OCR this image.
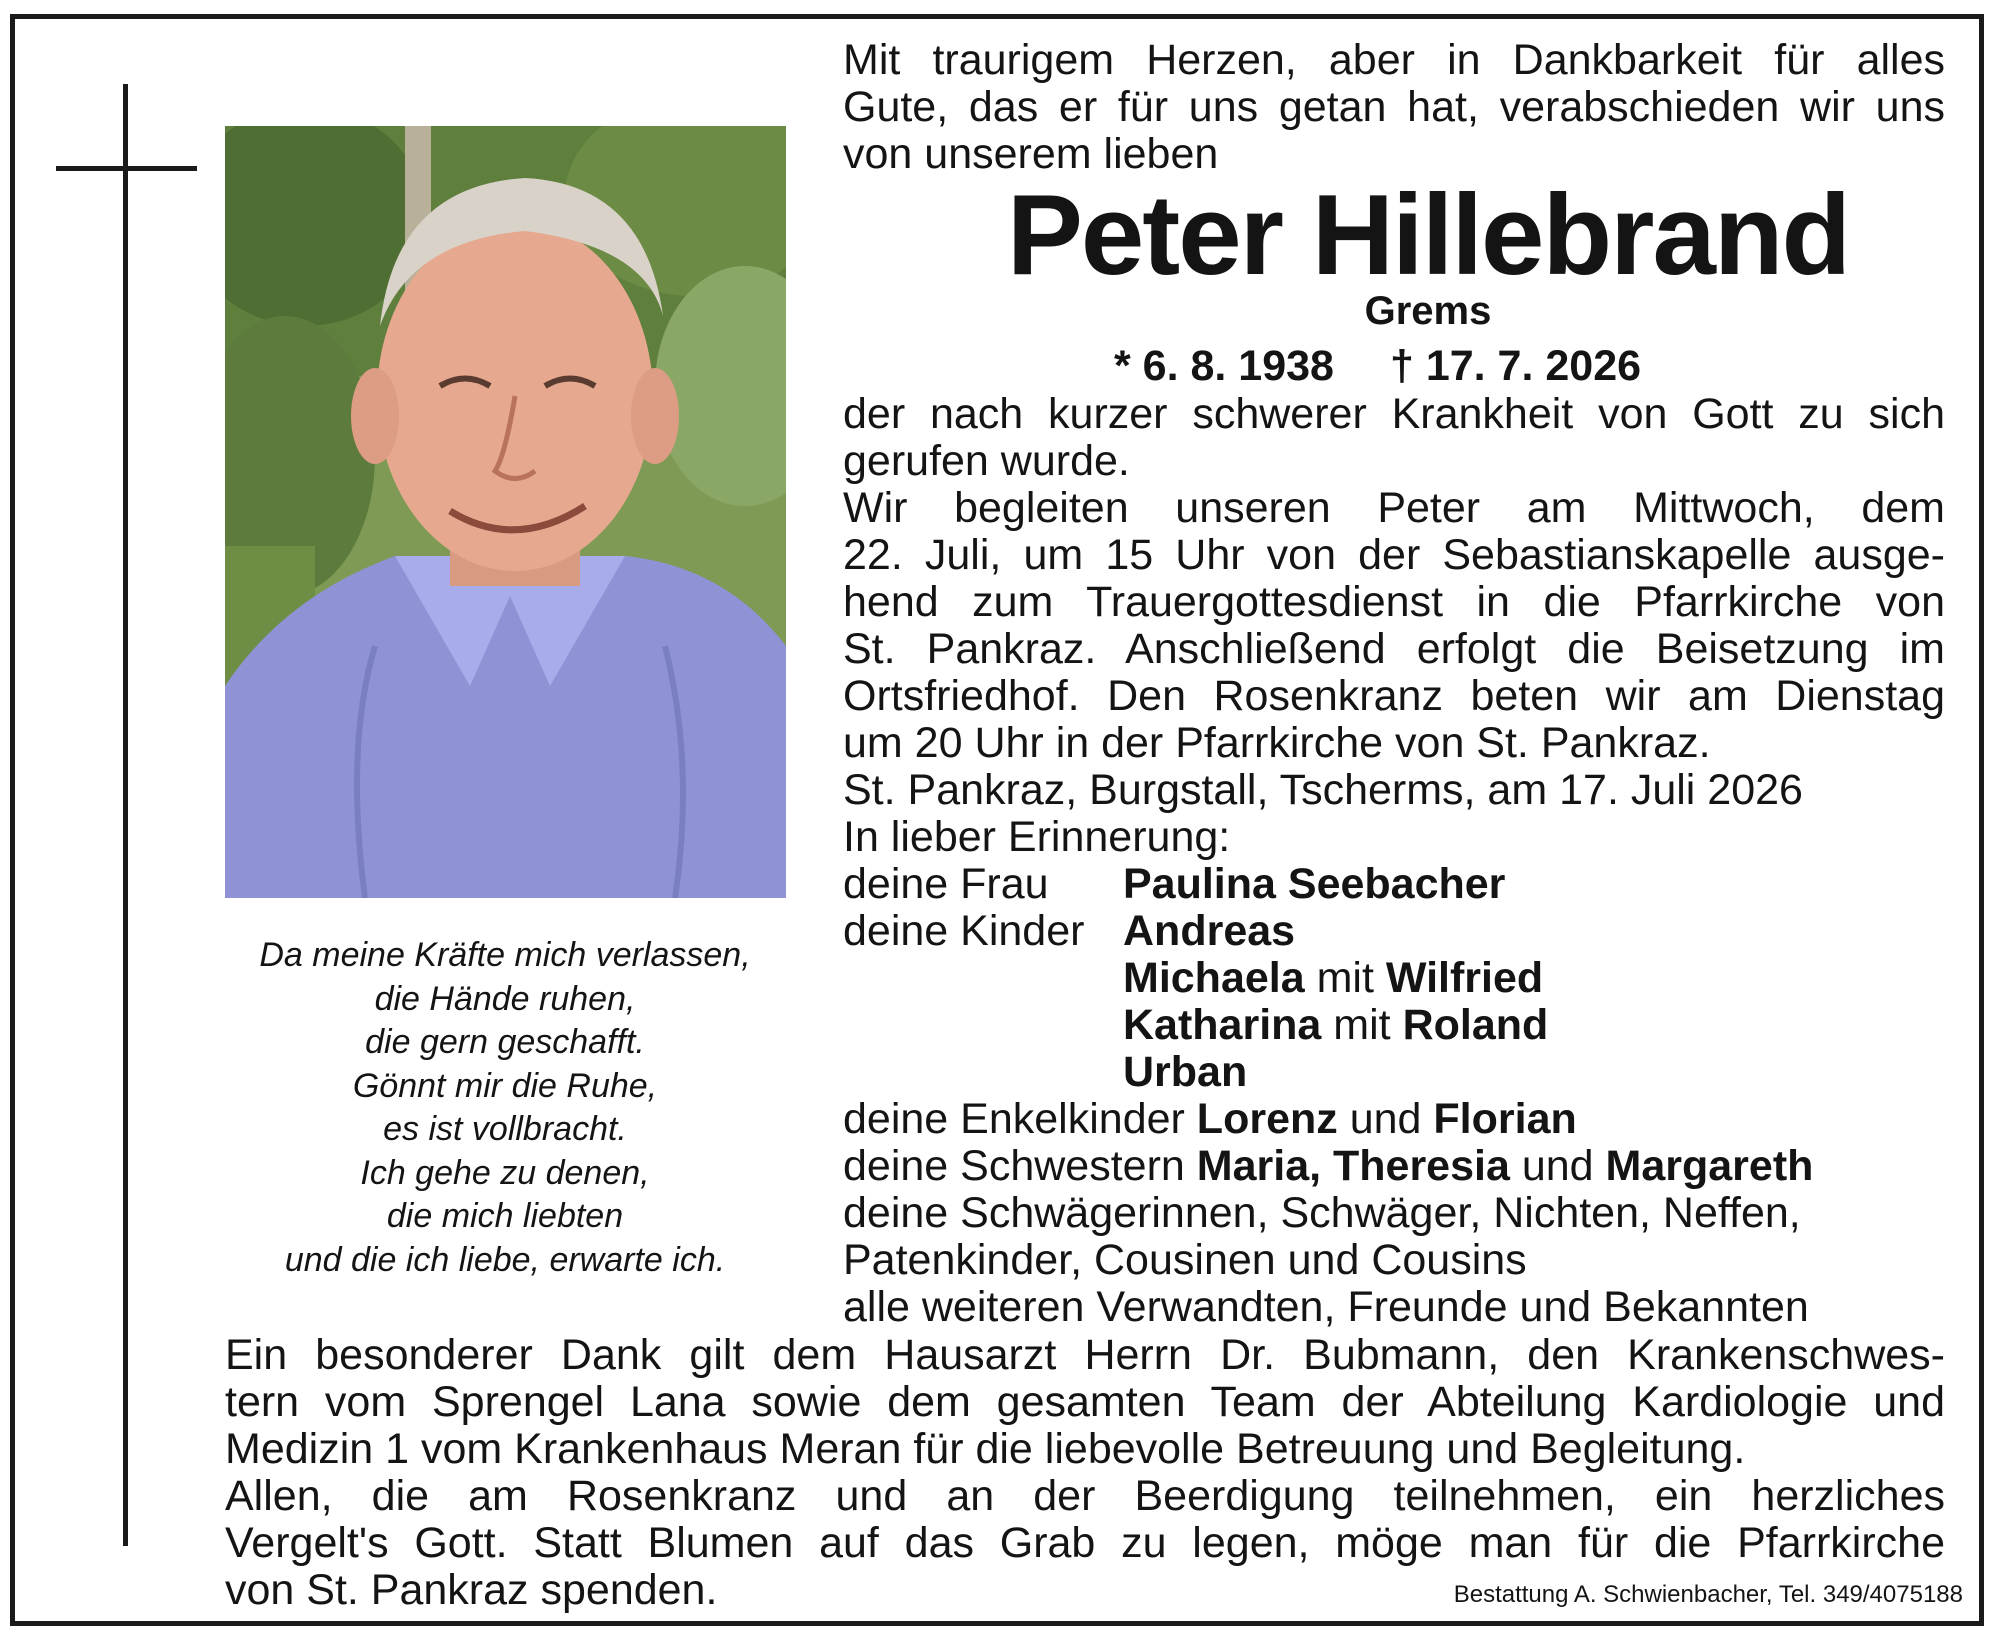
Da meine Kräfte mich verlassen,
die Hände ruhen,
die gern geschafft.
Gönnt mir die Ruhe,
es ist vollbracht.
Ich gehe zu denen,
die mich liebten
und die ich liebe, erwarte ich.
Mit traurigem Herzen, aber in Dankbarkeit für alles
Gute, das er für uns getan hat, verabschieden wir uns
von unserem lieben
Peter Hillebrand
Grems
* 6. 8. 1938 † 17. 7. 2026
der nach kurzer schwerer Krankheit von Gott zu sich
gerufen wurde.
Wir begleiten unseren Peter am Mittwoch, dem
22. Juli, um 15 Uhr von der Sebastianskapelle ausge-
hend zum Trauergottesdienst in die Pfarrkirche von
St. Pankraz. Anschließend erfolgt die Beisetzung im
Ortsfriedhof. Den Rosenkranz beten wir am Dienstag
um 20 Uhr in der Pfarrkirche von St. Pankraz.
St. Pankraz, Burgstall, Tscherms, am 17. Juli 2026
In lieber Erinnerung:
deine Frau Paulina Seebacher
deine Kinder Andreas
Michaela mit Wilfried
Katharina mit Roland
Urban
deine Enkelkinder Lorenz und Florian
deine Schwestern Maria, Theresia und Margareth
deine Schwägerinnen, Schwäger, Nichten, Neffen,
Patenkinder, Cousinen und Cousins
alle weiteren Verwandten, Freunde und Bekannten
Ein besonderer Dank gilt dem Hausarzt Herrn Dr. Bubmann, den Krankenschwes-
tern vom Sprengel Lana sowie dem gesamten Team der Abteilung Kardiologie und
Medizin 1 vom Krankenhaus Meran für die liebevolle Betreuung und Begleitung.
Allen, die am Rosenkranz und an der Beerdigung teilnehmen, ein herzliches
Vergelt's Gott. Statt Blumen auf das Grab zu legen, möge man für die Pfarrkirche
von St. Pankraz spenden.	Bestattung A. Schwienbacher, Tel. 349/4075188
